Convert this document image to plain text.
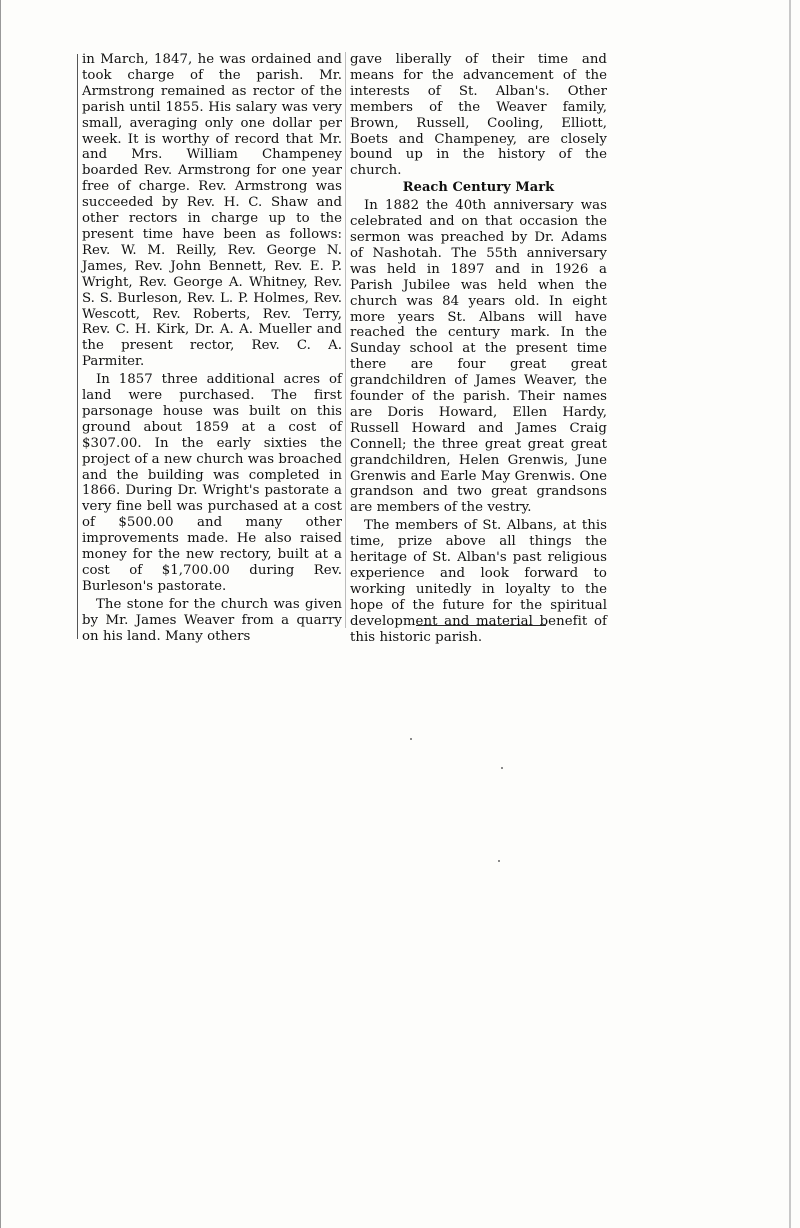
in March, 1847, he was ordained and took charge of the parish. Mr. Armstrong remained as rector of the parish until 1855. His salary was very small, averaging only one dollar per week. It is worthy of record that Mr. and Mrs. William Champeney boarded Rev. Armstrong for one year free of charge. Rev. Armstrong was succeeded by Rev. H. C. Shaw and other rectors in charge up to the present time have been as follows: Rev. W. M. Reilly, Rev. George N. James, Rev. John Bennett, Rev. E. P. Wright, Rev. George A. Whitney, Rev. S. S. Burleson, Rev. L. P. Holmes, Rev. Wescott, Rev. Roberts, Rev. Terry, Rev. C. H. Kirk, Dr. A. A. Mueller and the present rector, Rev. C. A. Parmiter.

In 1857 three additional acres of land were purchased. The first parsonage house was built on this ground about 1859 at a cost of $307.00. In the early sixties the project of a new church was broached and the building was completed in 1866. During Dr. Wright's pastorate a very fine bell was purchased at a cost of $500.00 and many other improvements made. He also raised money for the new rectory, built at a cost of $1,700.00 during Rev. Burleson's pastorate.

The stone for the church was given by Mr. James Weaver from a quarry on his land. Many others

gave liberally of their time and means for the advancement of the interests of St. Alban's. Other members of the Weaver family, Brown, Russell, Cooling, Elliott, Boets and Champeney, are closely bound up in the history of the church.

Reach Century Mark

In 1882 the 40th anniversary was celebrated and on that occasion the sermon was preached by Dr. Adams of Nashotah. The 55th anniversary was held in 1897 and in 1926 a Parish Jubilee was held when the church was 84 years old. In eight more years St. Albans will have reached the century mark. In the Sunday school at the present time there are four great great grandchildren of James Weaver, the founder of the parish. Their names are Doris Howard, Ellen Hardy, Russell Howard and James Craig Connell; the three great great great grandchildren, Helen Grenwis, June Grenwis and Earle May Grenwis. One grandson and two great grandsons are members of the vestry.

The members of St. Albans, at this time, prize above all things the heritage of St. Alban's past religious experience and look forward to working unitedly in loyalty to the hope of the future for the spiritual development and material benefit of this historic parish.
